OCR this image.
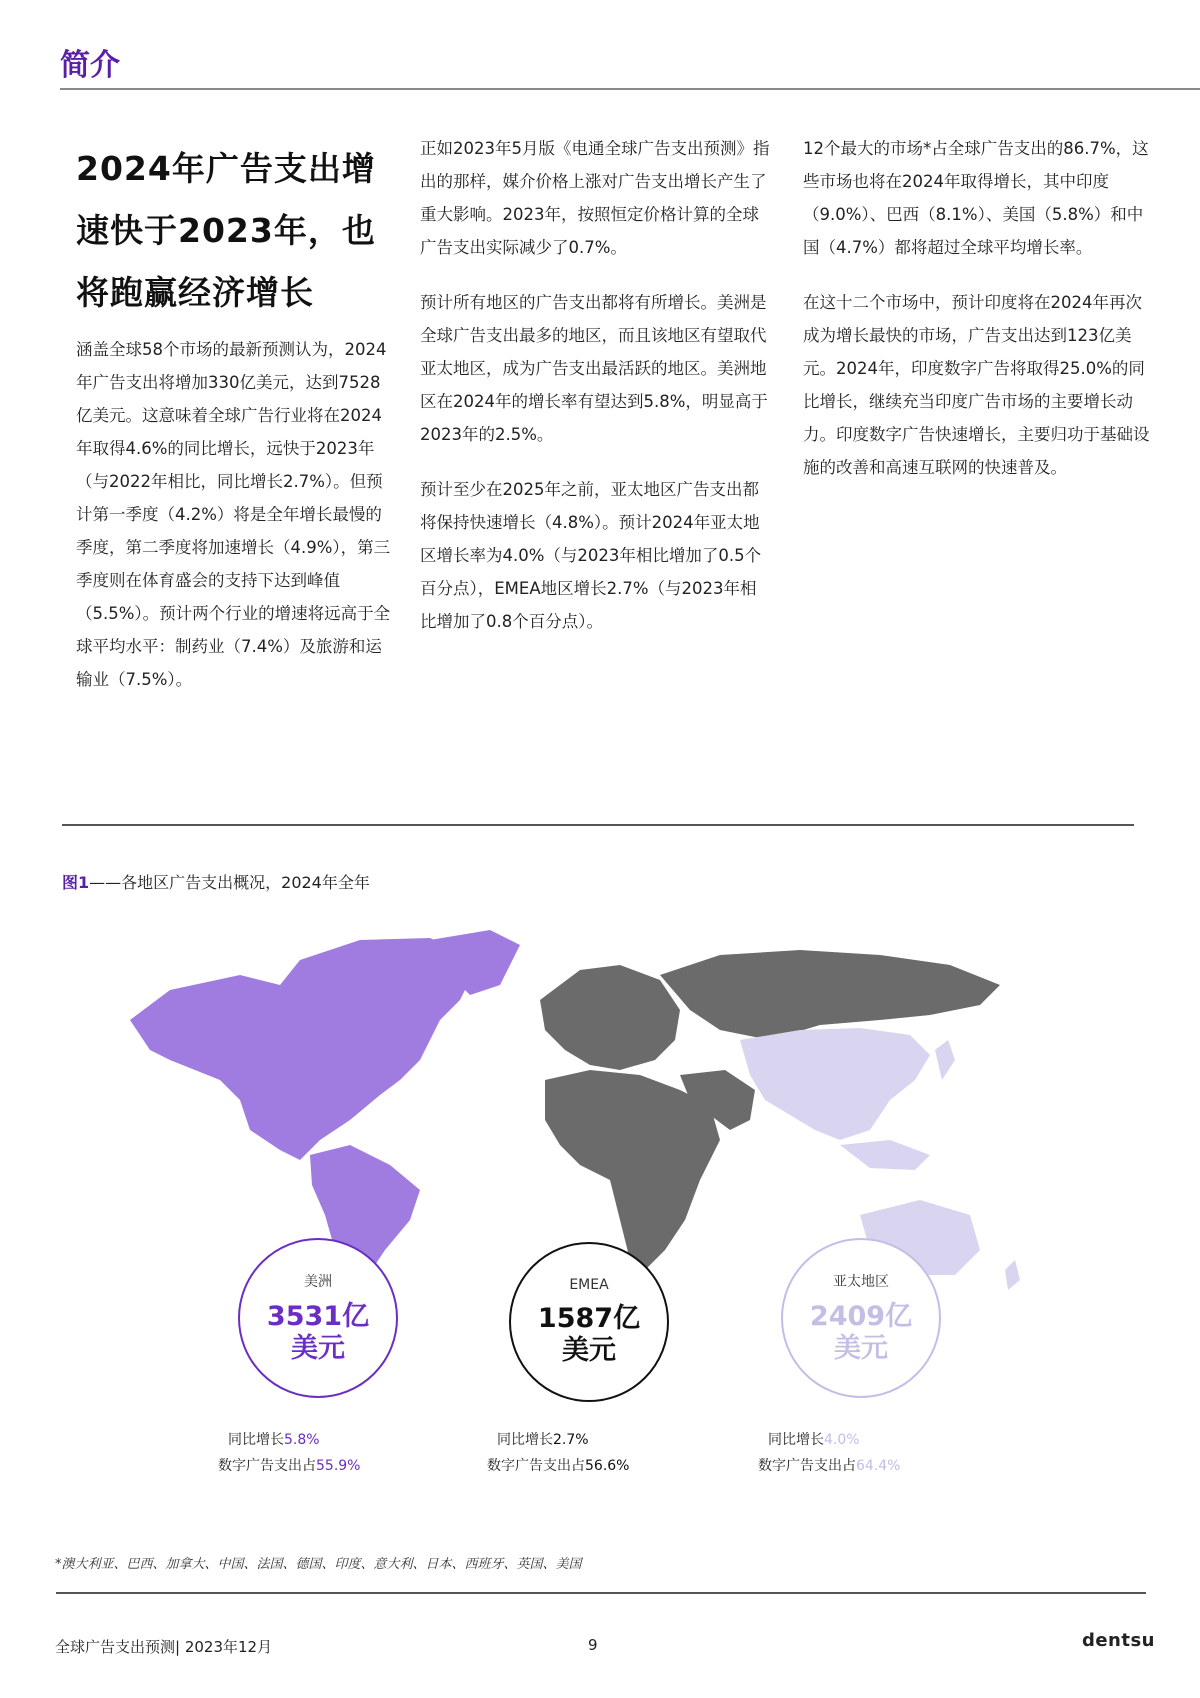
简介
2024年广告支出增速快于2023年，也将跑赢经济增长

涵盖全球58个市场的最新预测认为，2024年广告支出将增加330亿美元，达到7528亿美元。这意味着全球广告行业将在2024年取得4.6%的同比增长，远快于2023年（与2022年相比，同比增长2.7%）。但预计第一季度（4.2%）将是全年增长最慢的季度，第二季度将加速增长（4.9%），第三季度则在体育盛会的支持下达到峰值（5.5%）。预计两个行业的增速将远高于全球平均水平：制药业（7.4%）及旅游和运输业（7.5%）。

正如2023年5月版《电通全球广告支出预测》指出的那样，媒介价格上涨对广告支出增长产生了重大影响。2023年，按照恒定价格计算的全球广告支出实际减少了0.7%。

预计所有地区的广告支出都将有所增长。美洲是全球广告支出最多的地区，而且该地区有望取代亚太地区，成为广告支出最活跃的地区。美洲地区在2024年的增长率有望达到5.8%，明显高于2023年的2.5%。

预计至少在2025年之前，亚太地区广告支出都将保持快速增长（4.8%）。预计2024年亚太地区增长率为4.0%（与2023年相比增加了0.5个百分点），EMEA地区增长2.7%（与2023年相比增加了0.8个百分点）。

12个最大的市场*占全球广告支出的86.7%，这些市场也将在2024年取得增长，其中印度（9.0%）、巴西（8.1%）、美国（5.8%）和中国（4.7%）都将超过全球平均增长率。

在这十二个市场中，预计印度将在2024年再次成为增长最快的市场，广告支出达到123亿美元。2024年，印度数字广告将取得25.0%的同比增长，继续充当印度广告市场的主要增长动力。印度数字广告快速增长，主要归功于基础设施的改善和高速互联网的快速普及。

图1——各地区广告支出概况，2024年全年
美洲
3531亿
美元
EMEA
1587亿
美元
亚太地区
2409亿
美元
同比增长5.8%
数字广告支出占55.9%
同比增长2.7%
数字广告支出占56.6%
同比增长4.0%
数字广告支出占64.4%
*澳大利亚、巴西、加拿大、中国、法国、德国、印度、意大利、日本、西班牙、英国、美国
全球广告支出预测| 2023年12月	9	dentsu
